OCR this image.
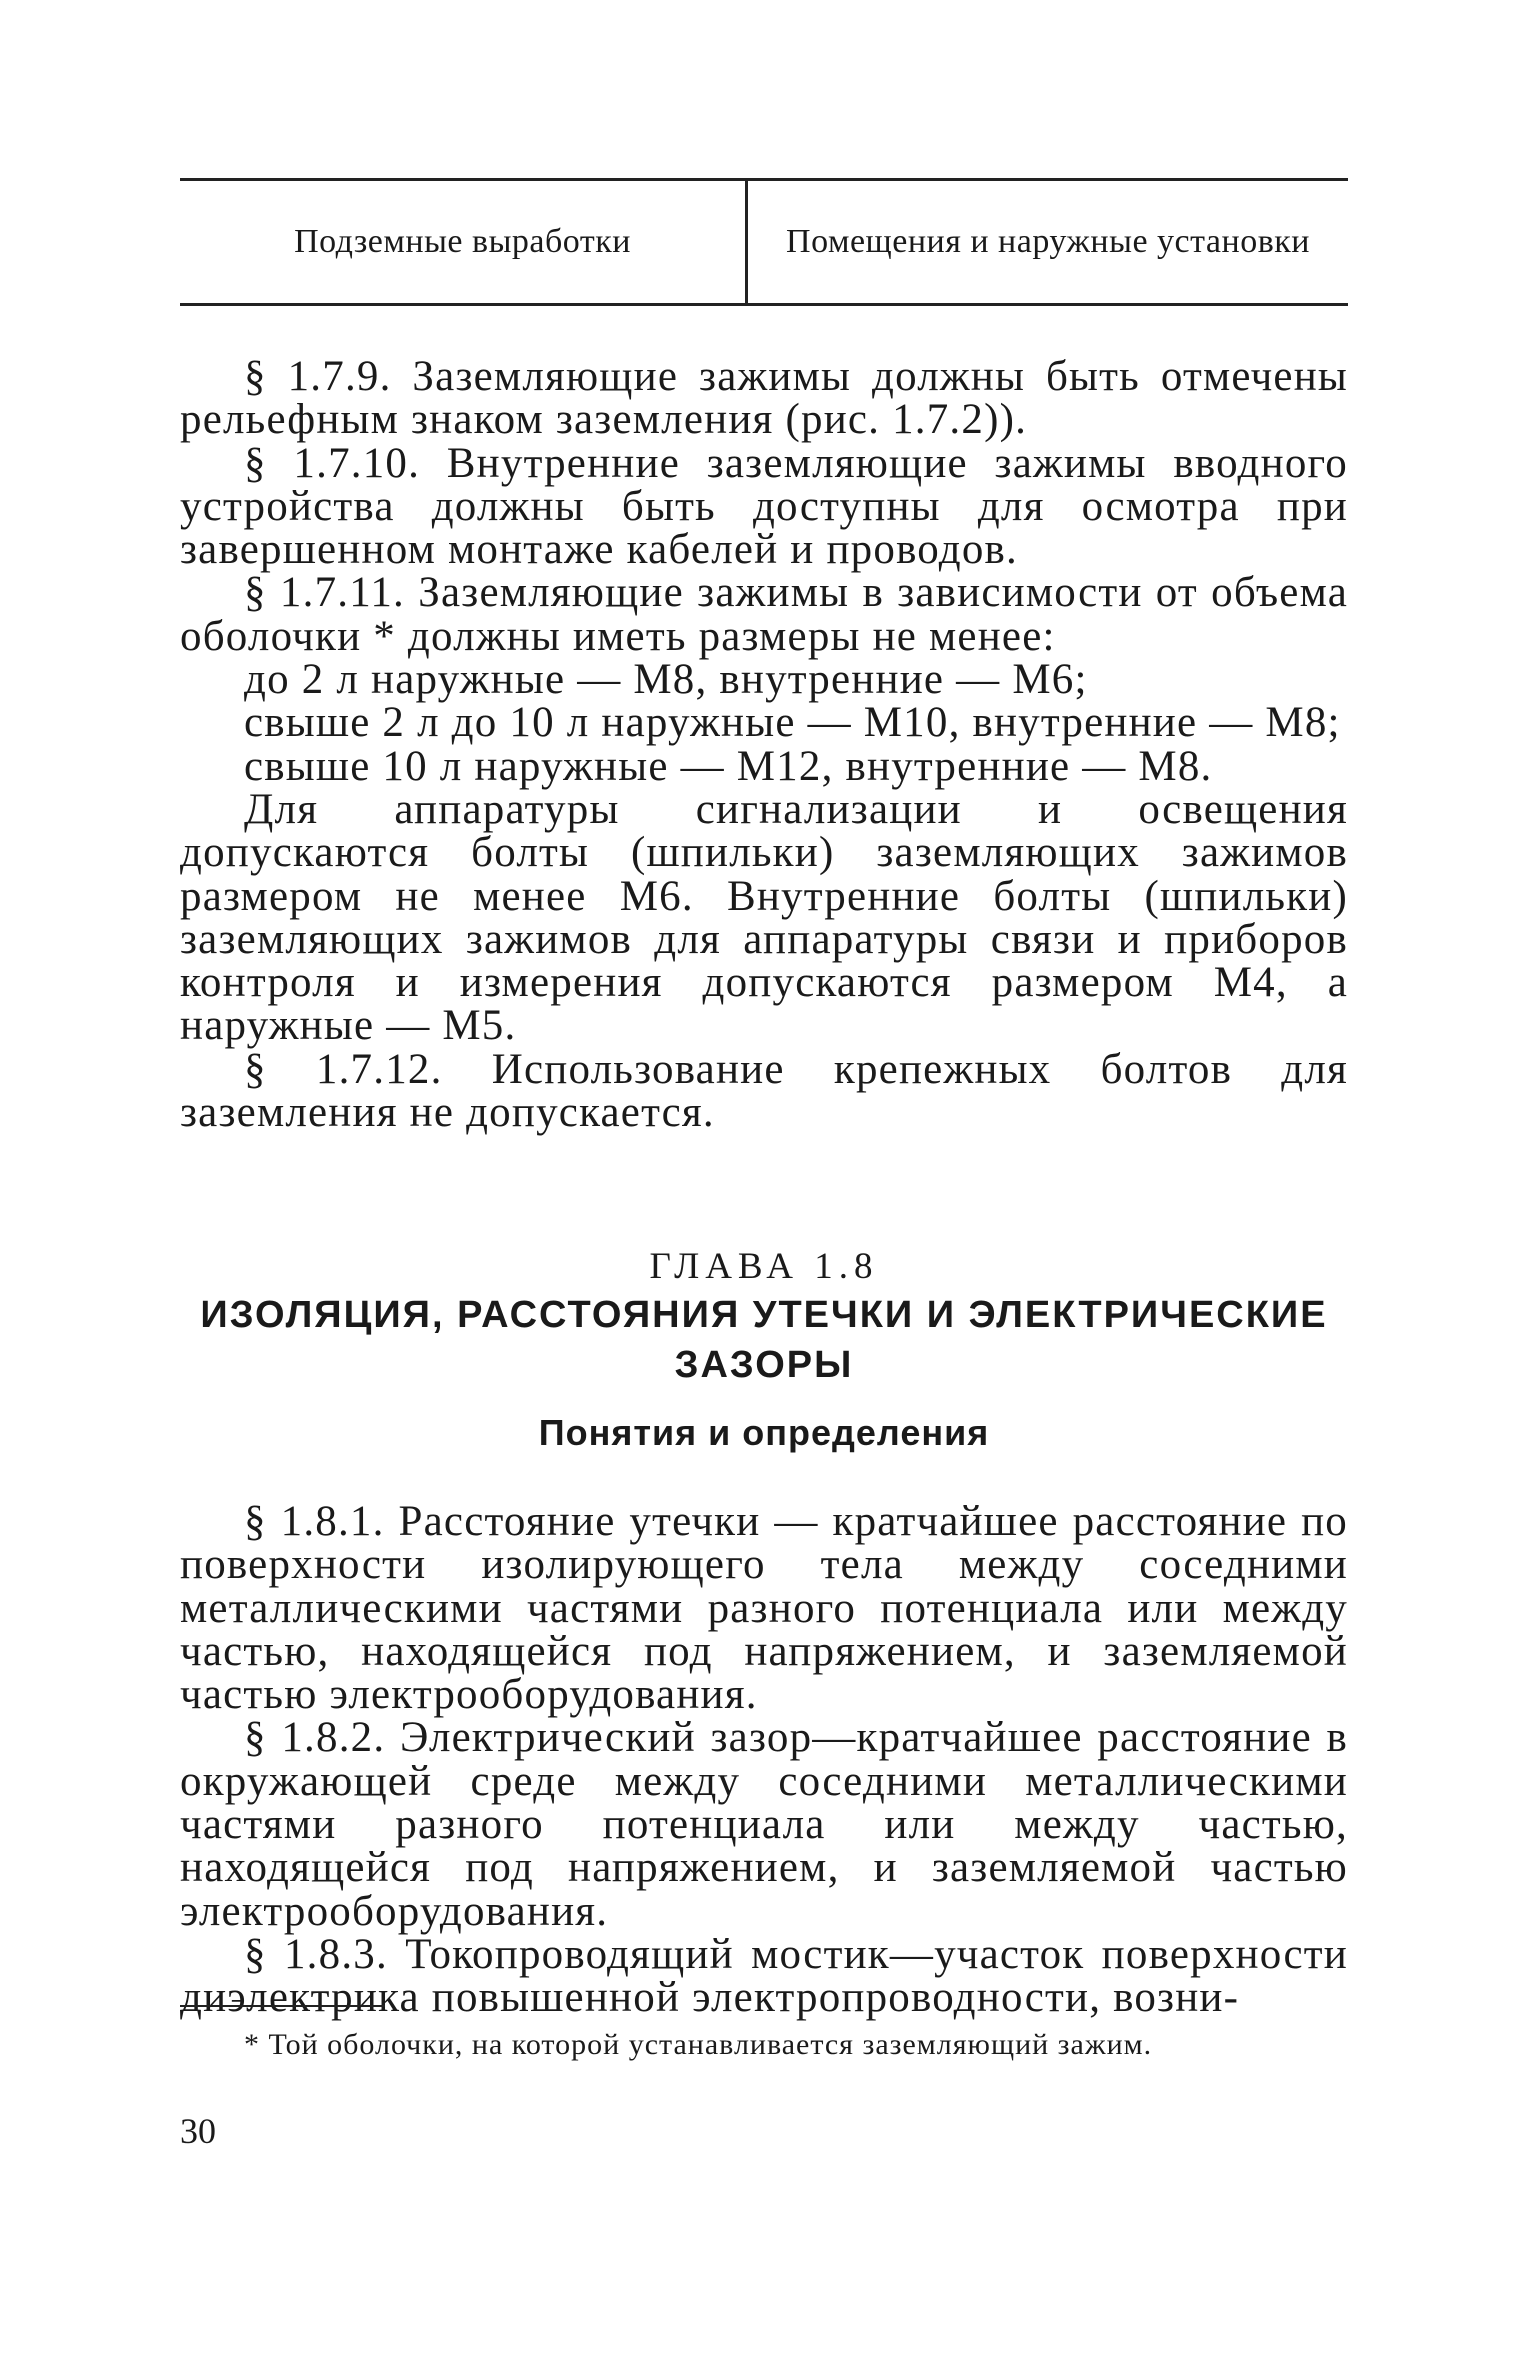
Подземные выработки	Помещения и наружные установки

§ 1.7.9. Заземляющие зажимы должны быть отмечены рельефным знаком заземления (рис. 1.7.2)).

§ 1.7.10. Внутренние заземляющие зажимы вводного устройства должны быть доступны для осмотра при завершенном монтаже кабелей и проводов.

§ 1.7.11. Заземляющие зажимы в зависимости от объема оболочки * должны иметь размеры не менее:

до 2 л наружные — М8, внутренние — М6;
свыше 2 л до 10 л наружные — М10, внутренние — М8;
свыше 10 л наружные — М12, внутренние — М8.

Для аппаратуры сигнализации и освещения допускаются болты (шпильки) заземляющих зажимов размером не менее М6. Внутренние болты (шпильки) заземляющих зажимов для аппаратуры связи и приборов контроля и измерения допускаются размером М4, а наружные — М5.

§ 1.7.12. Использование крепежных болтов для заземления не допускается.

ГЛАВА 1.8
ИЗОЛЯЦИЯ, РАССТОЯНИЯ УТЕЧКИ И ЭЛЕКТРИЧЕСКИЕ ЗАЗОРЫ
Понятия и определения

§ 1.8.1. Расстояние утечки — кратчайшее расстояние по поверхности изолирующего тела между соседними металлическими частями разного потенциала или между частью, находящейся под напряжением, и заземляемой частью электрооборудования.

§ 1.8.2. Электрический зазор—кратчайшее расстояние в окружающей среде между соседними металлическими частями разного потенциала или между частью, находящейся под напряжением, и заземляемой частью электрооборудования.

§ 1.8.3. Токопроводящий мостик—участок поверхности диэлектрика повышенной электропроводности, возни-

* Той оболочки, на которой устанавливается заземляющий зажим.

30
